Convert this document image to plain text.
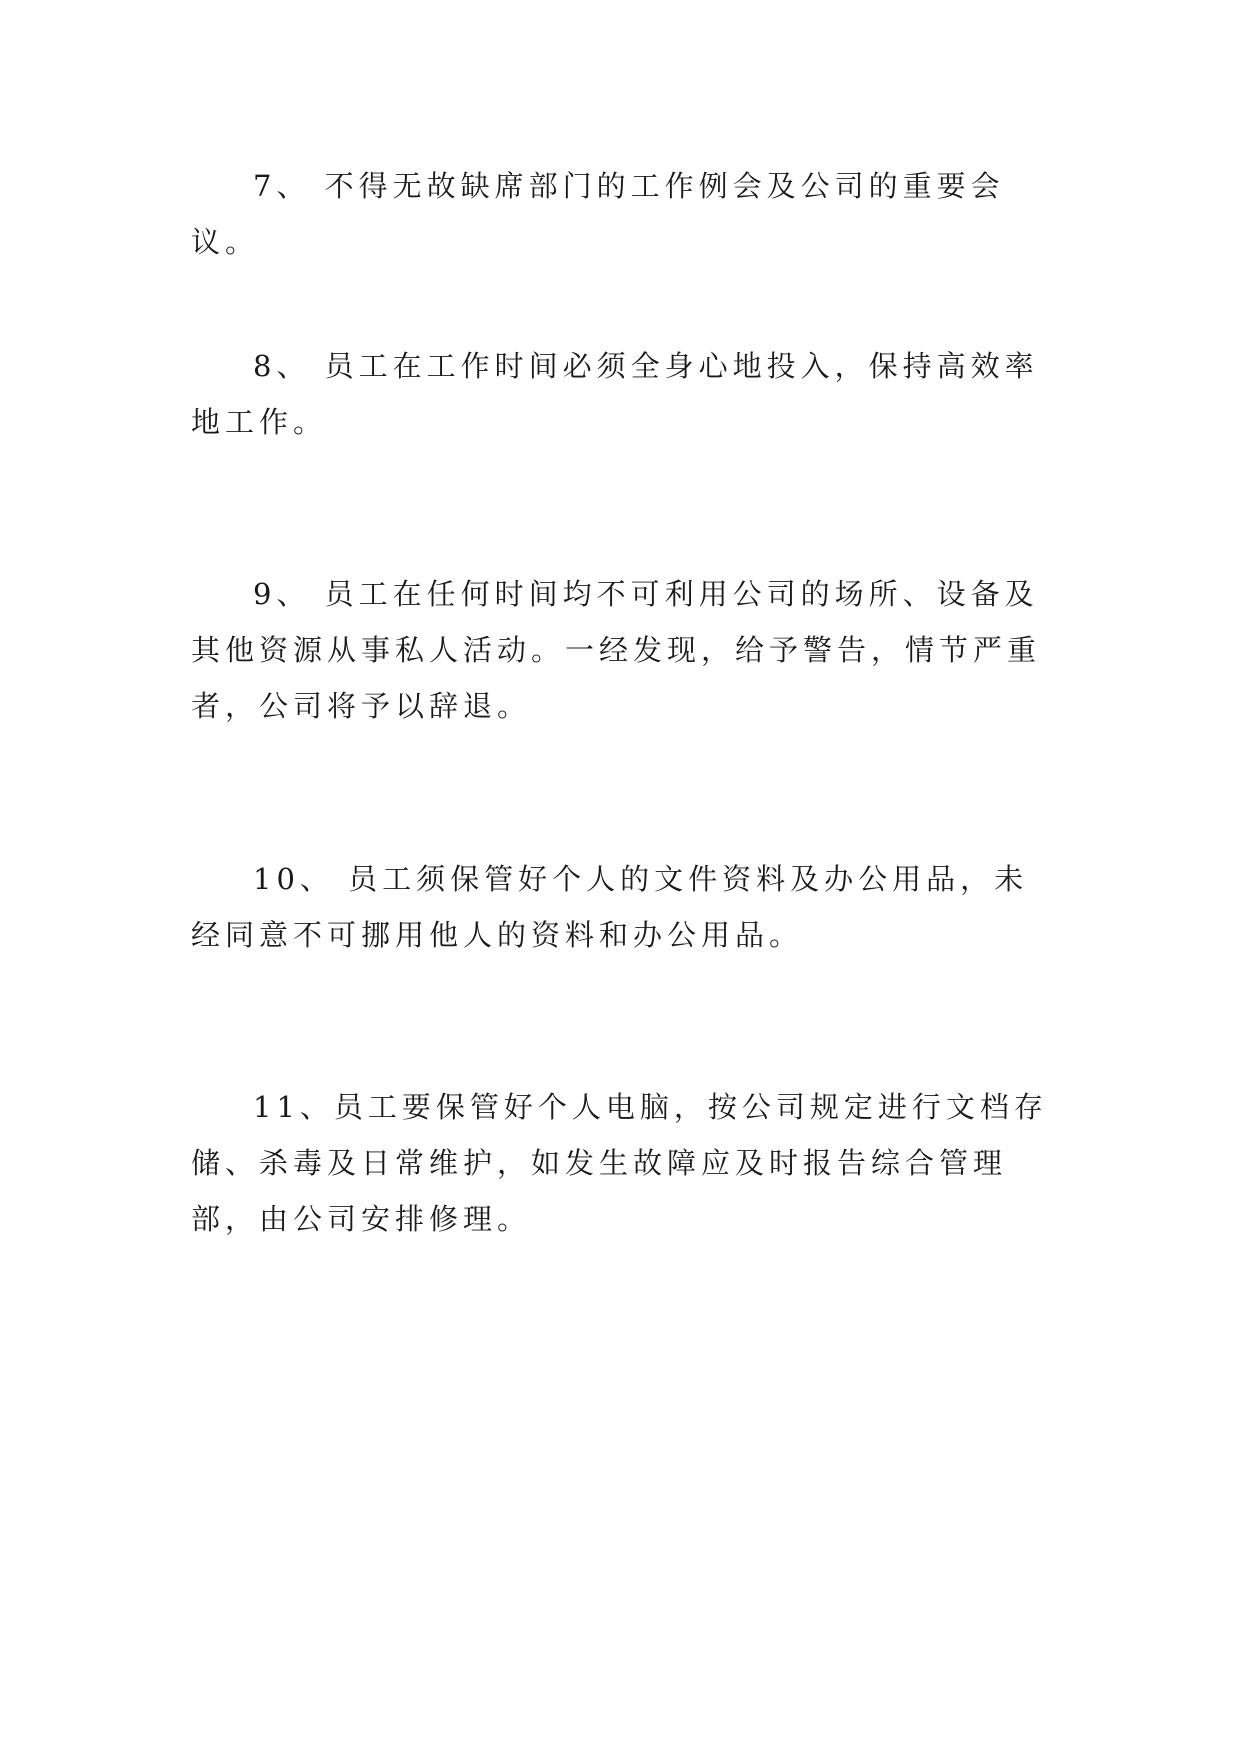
7、 不得无故缺席部门的工作例会及公司的重要会议。

8、 员工在工作时间必须全身心地投入，保持高效率地工作。

9、 员工在任何时间均不可利用公司的场所、设备及其他资源从事私人活动。一经发现，给予警告，情节严重者，公司将予以辞退。

10、 员工须保管好个人的文件资料及办公用品，未经同意不可挪用他人的资料和办公用品。

11、员工要保管好个人电脑，按公司规定进行文档存储、杀毒及日常维护，如发生故障应及时报告综合管理部，由公司安排修理。
